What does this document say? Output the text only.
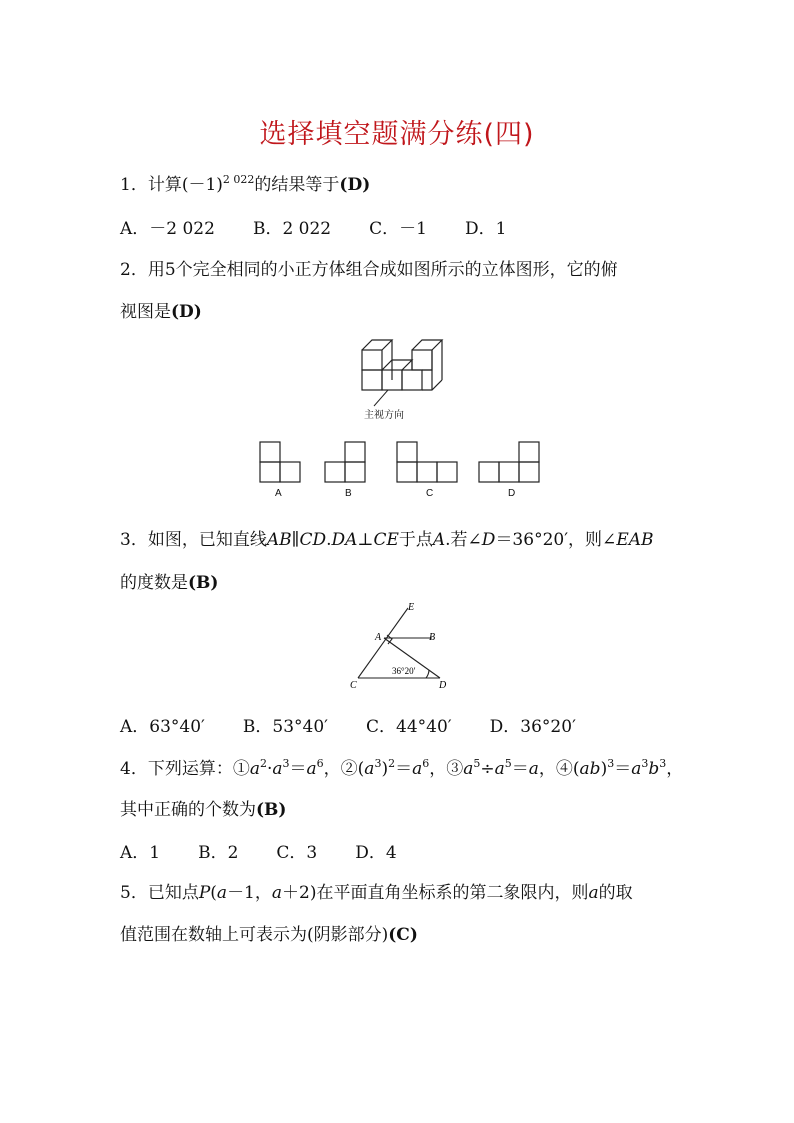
选择填空题满分练(四)
1．计算$(-1)^{2 022}$的结果等于(D)
A．－2 022 B．2 022 C．－1 D．1
2．用5个完全相同的小正方体组合成如图所示的立体图形，它的俯
视图是(D)
主视方向
A	B	C	D
3．如图，已知直线AB∥CD.DA⊥CE于点A.若∠D＝36°20′，则∠EAB
的度数是(B)
E
A	B
C	D
36°20′
A．63°40′ B．53°40′ C．44°40′ D．36°20′
4．下列运算：$①a^2\cdot a^3=a^6$，$②(a^3)^2=a^6$，$③a^5\div a^5=a$，$④(ab)^3=a^3b^3$，
其中正确的个数为(B)
A．1 B．2 C．3 D．4
5．已知点P(a－1，a＋2)在平面直角坐标系的第二象限内，则a的取
值范围在数轴上可表示为(阴影部分)(C)
